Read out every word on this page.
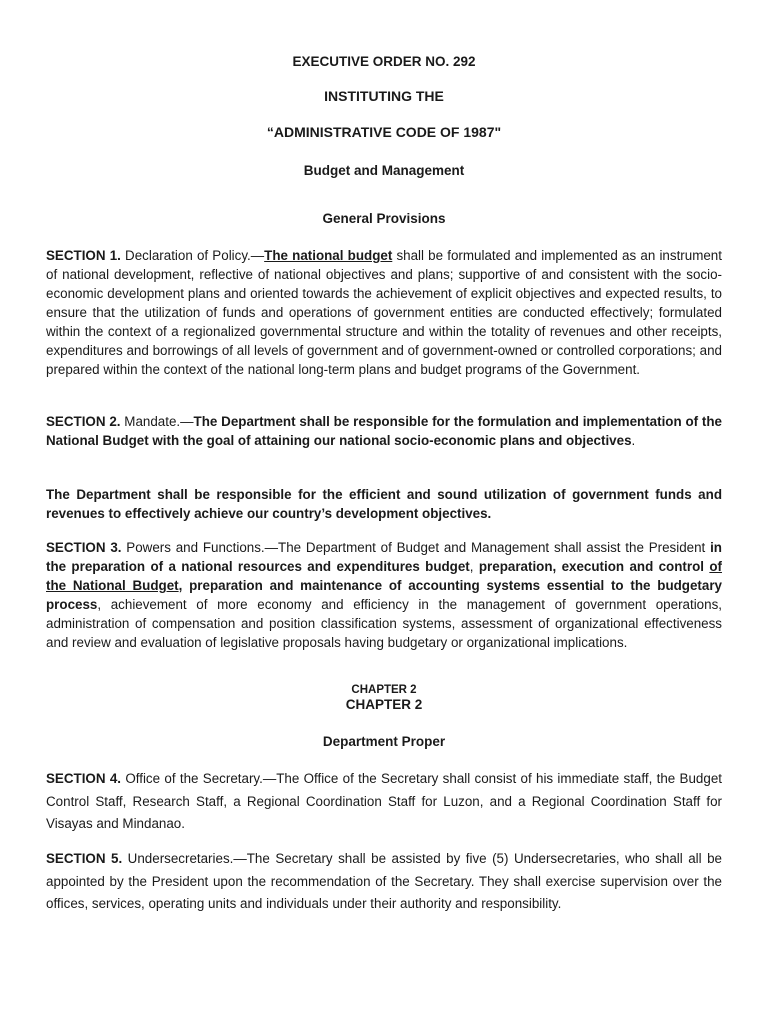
EXECUTIVE ORDER NO. 292

INSTITUTING THE

“ADMINISTRATIVE CODE OF 1987"

Budget and Management

General Provisions

SECTION 1. Declaration of Policy.—The national budget shall be formulated and implemented as an instrument of national development, reflective of national objectives and plans; supportive of and consistent with the socio-economic development plans and oriented towards the achievement of explicit objectives and expected results, to ensure that the utilization of funds and operations of government entities are conducted effectively; formulated within the context of a regionalized governmental structure and within the totality of revenues and other receipts, expenditures and borrowings of all levels of government and of government-owned or controlled corporations; and prepared within the context of the national long-term plans and budget programs of the Government.

SECTION 2. Mandate.—The Department shall be responsible for the formulation and implementation of the National Budget with the goal of attaining our national socio-economic plans and objectives.

The Department shall be responsible for the efficient and sound utilization of government funds and revenues to effectively achieve our country’s development objectives.

SECTION 3. Powers and Functions.—The Department of Budget and Management shall assist the President in the preparation of a national resources and expenditures budget, preparation, execution and control of the National Budget, preparation and maintenance of accounting systems essential to the budgetary process, achievement of more economy and efficiency in the management of government operations, administration of compensation and position classification systems, assessment of organizational effectiveness and review and evaluation of legislative proposals having budgetary or organizational implications.

CHAPTER 2

CHAPTER 2

Department Proper

SECTION 4. Office of the Secretary.—The Office of the Secretary shall consist of his immediate staff, the Budget Control Staff, Research Staff, a Regional Coordination Staff for Luzon, and a Regional Coordination Staff for Visayas and Mindanao.

SECTION 5. Undersecretaries.—The Secretary shall be assisted by five (5) Undersecretaries, who shall all be appointed by the President upon the recommendation of the Secretary. They shall exercise supervision over the offices, services, operating units and individuals under their authority and responsibility.
